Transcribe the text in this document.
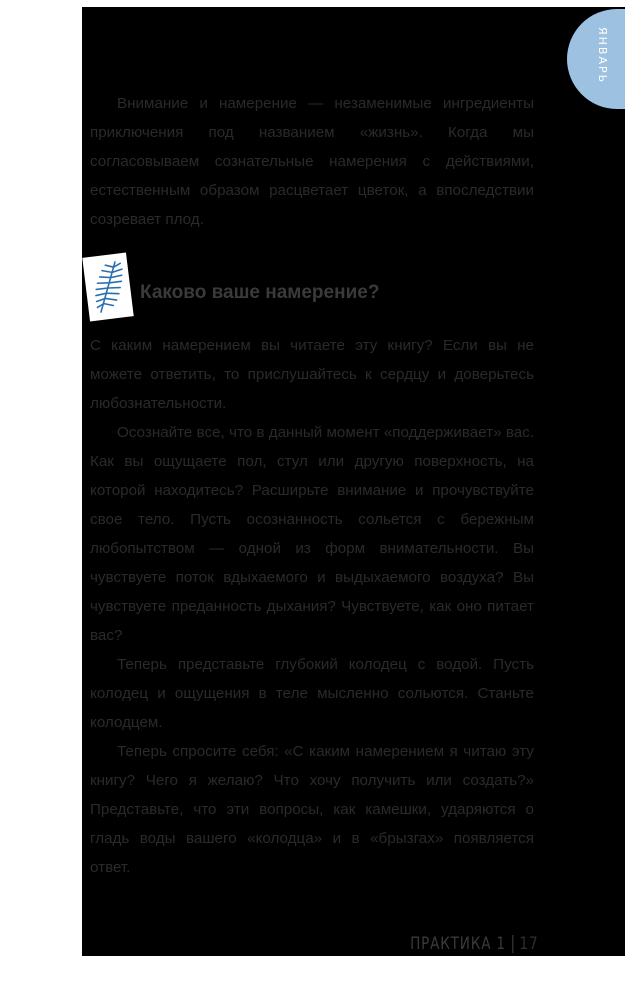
ЯНВАРЬ

Внимание и намерение — незаменимые ингредиенты приключения под названием «жизнь». Когда мы согласовываем сознательные намерения с действиями, естественным образом расцветает цветок, а впоследствии созревает плод.

Каково ваше намерение?

С каким намерением вы читаете эту книгу? Если вы не можете ответить, то прислушайтесь к сердцу и доверьтесь любознательности.

Осознайте все, что в данный момент «поддерживает» вас. Как вы ощущаете пол, стул или другую поверхность, на которой находитесь? Расширьте внимание и прочувствуйте свое тело. Пусть осознанность сольется с бережным любопытством — одной из форм внимательности. Вы чувствуете поток вдыхаемого и выдыхаемого воздуха? Вы чувствуете преданность дыхания? Чувствуете, как оно питает вас?

Теперь представьте глубокий колодец с водой. Пусть колодец и ощущения в теле мысленно сольются. Станьте колодцем.

Теперь спросите себя: «С каким намерением я читаю эту книгу? Чего я желаю? Что хочу получить или создать?» Представьте, что эти вопросы, как камешки, ударяются о гладь воды вашего «колодца» и в «брызгах» появляется ответ.

ПРАКТИКА 1 17
